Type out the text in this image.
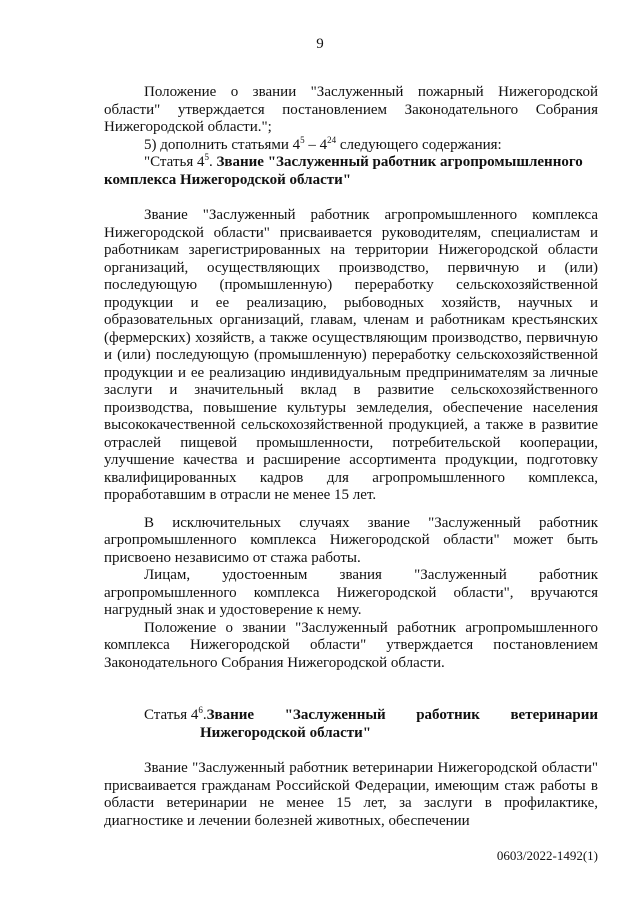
9

Положение о звании "Заслуженный пожарный Нижегородской области" утверждается постановлением Законодательного Собрания Нижегородской области.";

5) дополнить статьями $4^5 - 4^{24}$ следующего содержания:

"Статья $4^5$. Звание "Заслуженный работник агропромышленного комплекса Нижегородской области"

Звание "Заслуженный работник агропромышленного комплекса Нижегородской области" присваивается руководителям, специалистам и работникам зарегистрированных на территории Нижегородской области организаций, осуществляющих производство, первичную и (или) последующую (промышленную) переработку сельскохозяйственной продукции и ее реализацию, рыбоводных хозяйств, научных и образовательных организаций, главам, членам и работникам крестьянских (фермерских) хозяйств, а также осуществляющим производство, первичную и (или) последующую (промышленную) переработку сельскохозяйственной продукции и ее реализацию индивидуальным предпринимателям за личные заслуги и значительный вклад в развитие сельскохозяйственного производства, повышение культуры земледелия, обеспечение населения высококачественной сельскохозяйственной продукцией, а также в развитие отраслей пищевой промышленности, потребительской кооперации, улучшение качества и расширение ассортимента продукции, подготовку квалифицированных кадров для агропромышленного комплекса, проработавшим в отрасли не менее 15 лет.

В исключительных случаях звание "Заслуженный работник агропромышленного комплекса Нижегородской области" может быть присвоено независимо от стажа работы.

Лицам, удостоенным звания "Заслуженный работник агропромышленного комплекса Нижегородской области", вручаются нагрудный знак и удостоверение к нему.

Положение о звании "Заслуженный работник агропромышленного комплекса Нижегородской области" утверждается постановлением Законодательного Собрания Нижегородской области.

Статья $4^6.Звание$ "Заслуженный работник ветеринарии
Нижегородской области"

Звание "Заслуженный работник ветеринарии Нижегородской области" присваивается гражданам Российской Федерации, имеющим стаж работы в области ветеринарии не менее 15 лет, за заслуги в профилактике, диагностике и лечении болезней животных, обеспечении

0603/2022-1492(1)
